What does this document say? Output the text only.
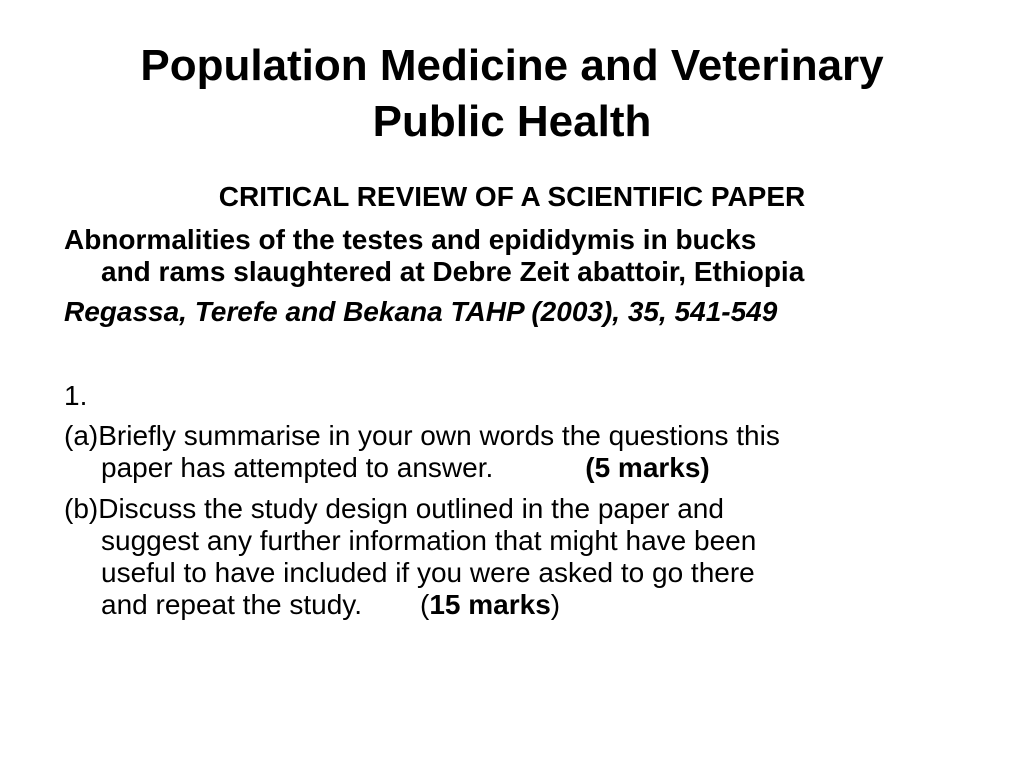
Population Medicine and Veterinary
Public Health
CRITICAL REVIEW OF A SCIENTIFIC PAPER
Abnormalities of the testes and epididymis in bucks
and rams slaughtered at Debre Zeit abattoir, Ethiopia
Regassa, Terefe and Bekana TAHP (2003), 35, 541-549
1.
(a)Briefly summarise in your own words the questions this
paper has attempted to answer.	(5 marks)
(b)Discuss the study design outlined in the paper and
suggest any further information that might have been
useful to have included if you were asked to go there
and repeat the study. (15 marks)
